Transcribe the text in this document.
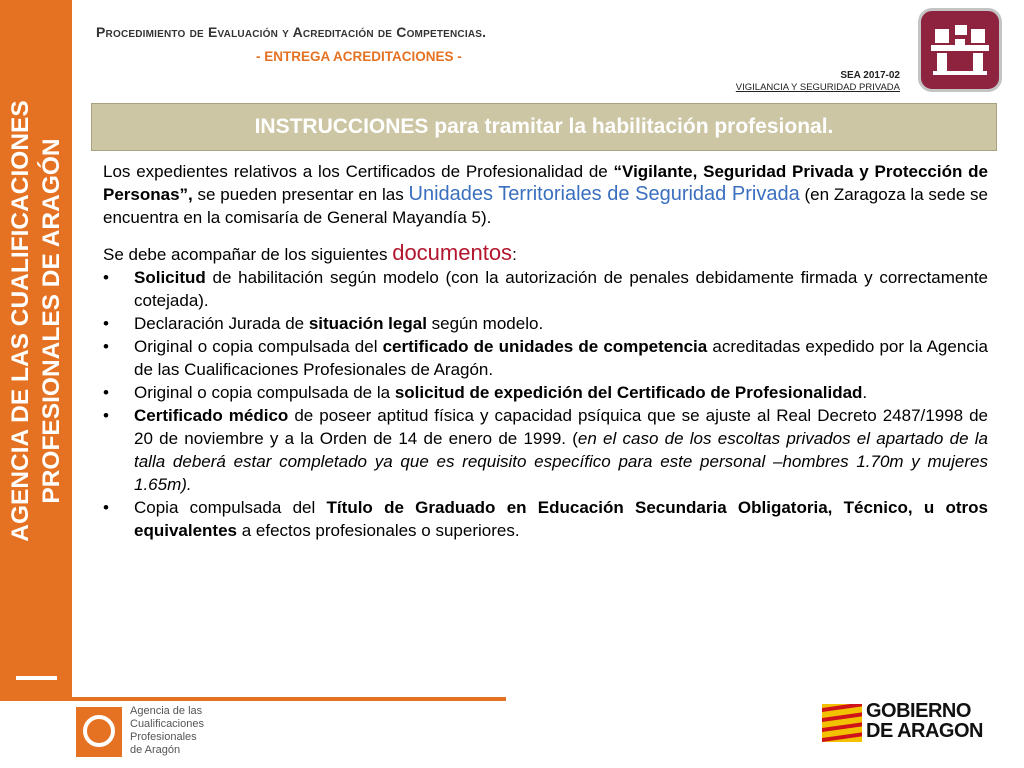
AGENCIA DE LAS CUALIFICACIONES PROFESIONALES DE ARAGÓN
Procedimiento de Evaluación y Acreditación de Competencias.
- ENTREGA ACREDITACIONES -
SEA 2017-02
VIGILANCIA Y SEGURIDAD PRIVADA
INSTRUCCIONES para tramitar la habilitación profesional.

Los expedientes relativos a los Certificados de Profesionalidad de “Vigilante, Seguridad Privada y Protección de Personas”, se pueden presentar en las Unidades Territoriales de Seguridad Privada (en Zaragoza la sede se encuentra en la comisaría de General Mayandía 5).

Se debe acompañar de los siguientes documentos:

• Solicitud de habilitación según modelo (con la autorización de penales debidamente firmada y correctamente cotejada).
• Declaración Jurada de situación legal según modelo.
• Original o copia compulsada del certificado de unidades de competencia acreditadas expedido por la Agencia de las Cualificaciones Profesionales de Aragón.
• Original o copia compulsada de la solicitud de expedición del Certificado de Profesionalidad.
• Certificado médico de poseer aptitud física y capacidad psíquica que se ajuste al Real Decreto 2487/1998 de 20 de noviembre y a la Orden de 14 de enero de 1999. (en el caso de los escoltas privados el apartado de la talla deberá estar completado ya que es requisito específico para este personal –hombres 1.70m y mujeres 1.65m).
• Copia compulsada del Título de Graduado en Educación Secundaria Obligatoria, Técnico, u otros equivalentes a efectos profesionales o superiores.
Agencia de las
Cualificaciones
Profesionales
de Aragón
GOBIERNO
DE ARAGON
